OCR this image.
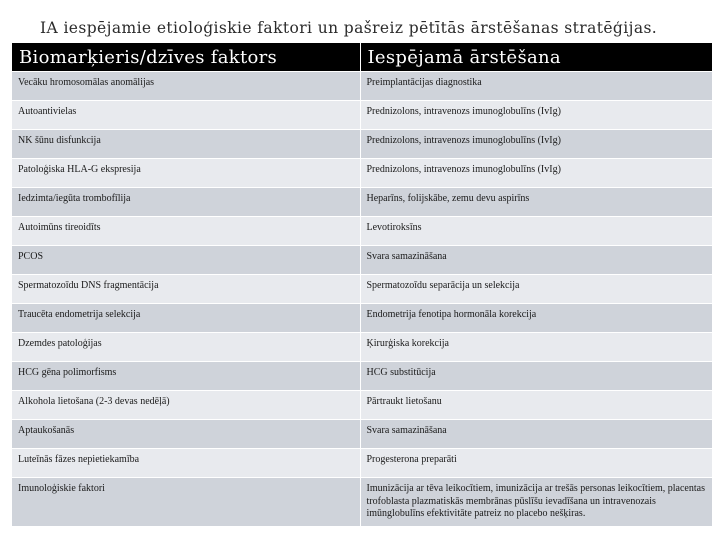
IA iespējamie etioloģiskie faktori un pašreiz pētītās ārstēšanas stratēģijas.
Biomarķieris/dzīves faktors	Iespējamā ārstēšana
Vecāku hromosomālas anomālijas	Preimplantācijas diagnostika
Autoantivielas	Prednizolons, intravenozs imunoglobulīns (IvIg)
NK šūnu disfunkcija	Prednizolons, intravenozs imunoglobulīns (IvIg)
Patoloģiska HLA-G ekspresija	Prednizolons, intravenozs imunoglobulīns (IvIg)
Iedzimta/iegūta trombofīlija	Heparīns, folijskābe, zemu devu aspirīns
Autoimūns tireoidīts	Levotiroksīns
PCOS	Svara samazināšana
Spermatozoīdu DNS fragmentācija	Spermatozoīdu separācija un selekcija
Traucēta endometrija selekcija	Endometrija fenotipa hormonāla korekcija
Dzemdes patoloģijas	Ķirurģiska korekcija
HCG gēna polimorfisms	HCG substitūcija
Alkohola lietošana (2-3 devas nedēļā)	Pārtraukt lietošanu
Aptaukošanās	Svara samazināšana
Luteīnās fāzes nepietiekamība	Progesterona preparāti
Imunoloģiskie faktori	Imunizācija ar tēva leikocītiem, imunizācija ar trešās personas leikocītiem, placentas trofoblasta plazmatiskās membrānas pūslīšu ievadīšana un intravenozais imūnglobulīns efektivitāte patreiz no placebo nešķiras.
